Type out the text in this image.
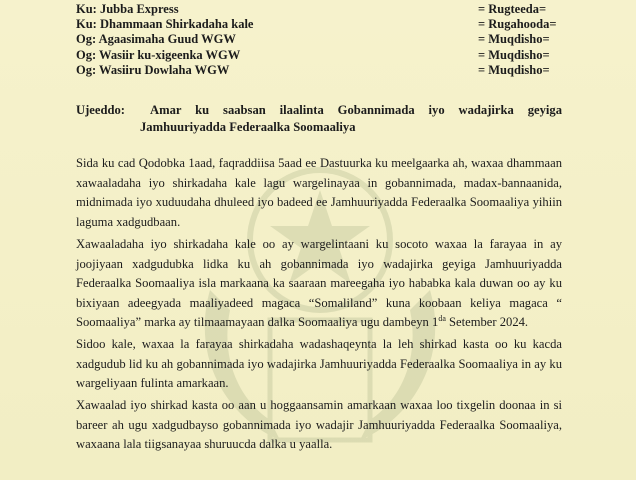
Ku: Jubba Express	= Rugteeda=
Ku: Dhammaan Shirkadaha kale	= Rugahooda=
Og: Agaasimaha Guud WGW	= Muqdisho=
Og: Wasiir ku-xigeenka WGW	= Muqdisho=
Og: Wasiiru Dowlaha WGW	= Muqdisho=
Ujeeddo: Amar ku saabsan ilaalinta Gobannimada iyo wadajirka geyiga
Jamhuuriyadda Federaalka Soomaaliya
Sida ku cad Qodobka 1aad, faqraddiisa 5aad ee Dastuurka ku meelgaarka ah, waxaa dhammaan xawaaladaha iyo shirkadaha kale lagu wargelinayaa in gobannimada, madax-bannaanida, midnimada iyo xuduudaha dhuleed iyo badeed ee Jamhuuriyadda Federaalka Soomaaliya yihiin laguma xadgudbaan.
Xawaaladaha iyo shirkadaha kale oo ay wargelintaani ku socoto waxaa la farayaa in ay joojiyaan xadgudubka lidka ku ah gobannimada iyo wadajirka geyiga Jamhuuriyadda Federaalka Soomaaliya isla markaana ka saaraan mareegaha iyo hababka kala duwan oo ay ku bixiyaan adeegyada maaliyadeed magaca “Somaliland” kuna koobaan keliya magaca “ Soomaaliya” marka ay tilmaamayaan dalka Soomaaliya ugu dambeyn $1^{da}$ Setember 2024.
Sidoo kale, waxaa la farayaa shirkadaha wadashaqeynta la leh shirkad kasta oo ku kacda xadgudub lid ku ah gobannimada iyo wadajirka Jamhuuriyadda Federaalka Soomaaliya in ay ku wargeliyaan fulinta amarkaan.
Xawaalad iyo shirkad kasta oo aan u hoggaansamin amarkaan waxaa loo tixgelin doonaa in si bareer ah ugu xadgudbayso gobannimada iyo wadajir Jamhuuriyadda Federaalka Soomaaliya, waxaana lala tiigsanayaa shuruucda dalka u yaalla.
